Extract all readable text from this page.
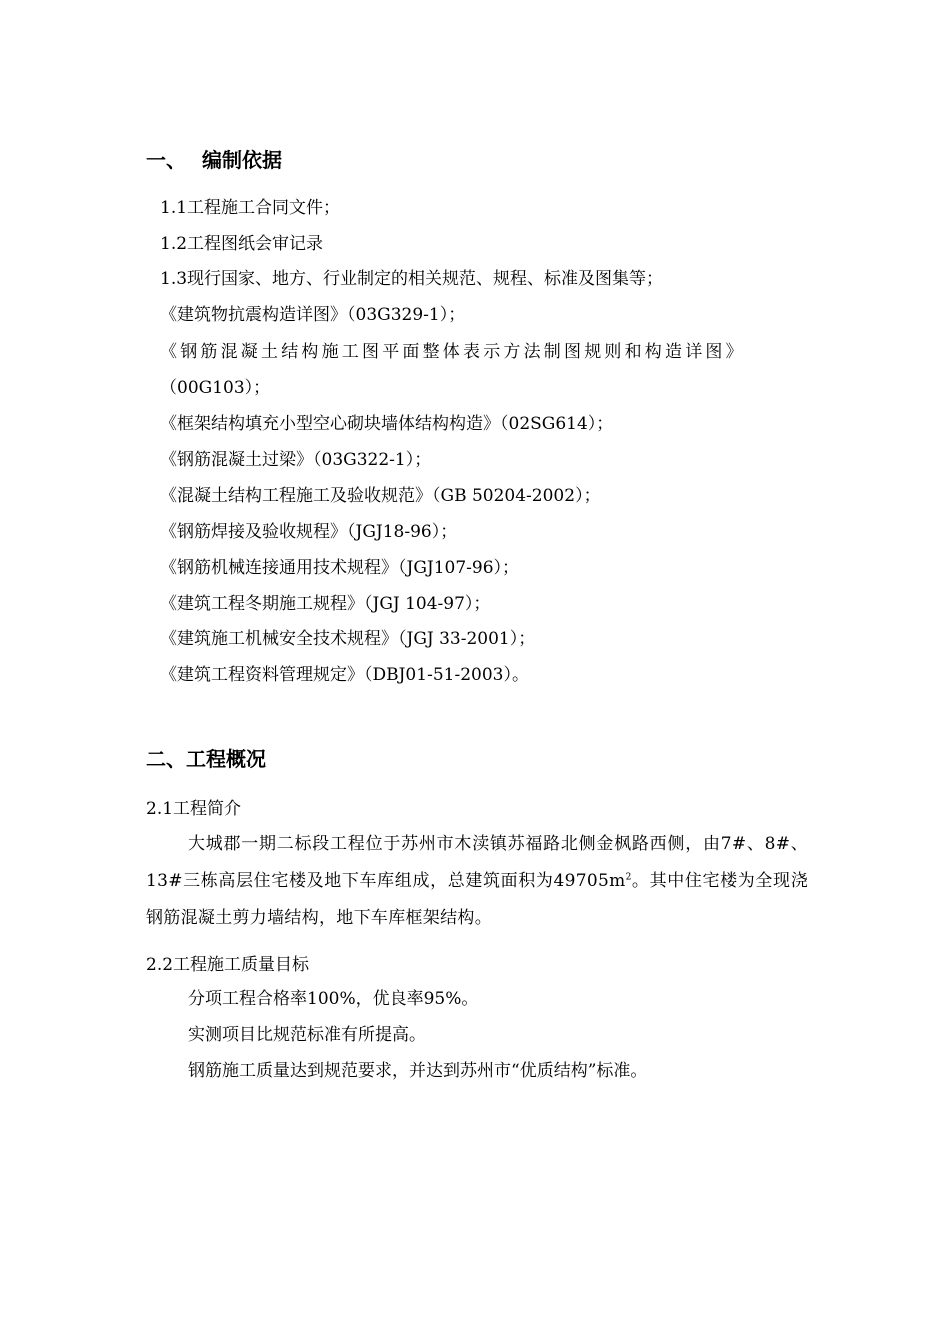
一、 编制依据
1.1工程施工合同文件；
1.2工程图纸会审记录
1.3现行国家、地方、行业制定的相关规范、规程、标准及图集等；
《建筑物抗震构造详图》（03G329-1）；
《钢筋混凝土结构施工图平面整体表示方法制图规则和构造详图》
（00G103）；
《框架结构填充小型空心砌块墙体结构构造》（02SG614）；
《钢筋混凝土过梁》（03G322-1）；
《混凝土结构工程施工及验收规范》（GB 50204-2002）；
《钢筋焊接及验收规程》（JGJ18-96）；
《钢筋机械连接通用技术规程》（JGJ107-96）；
《建筑工程冬期施工规程》（JGJ 104-97）；
《建筑施工机械安全技术规程》（JGJ 33-2001）；
《建筑工程资料管理规定》（DBJ01-51-2003）。
二、工程概况
2.1工程简介
大城郡一期二标段工程位于苏州市木渎镇苏福路北侧金枫路西侧，由7#、8#、13#三栋高层住宅楼及地下车库组成，总建筑面积为$49705m^2$。其中住宅楼为全现浇钢筋混凝土剪力墙结构，地下车库框架结构。
2.2工程施工质量目标
分项工程合格率100%，优良率95%。
实测项目比规范标准有所提高。
钢筋施工质量达到规范要求，并达到苏州市“优质结构”标准。
